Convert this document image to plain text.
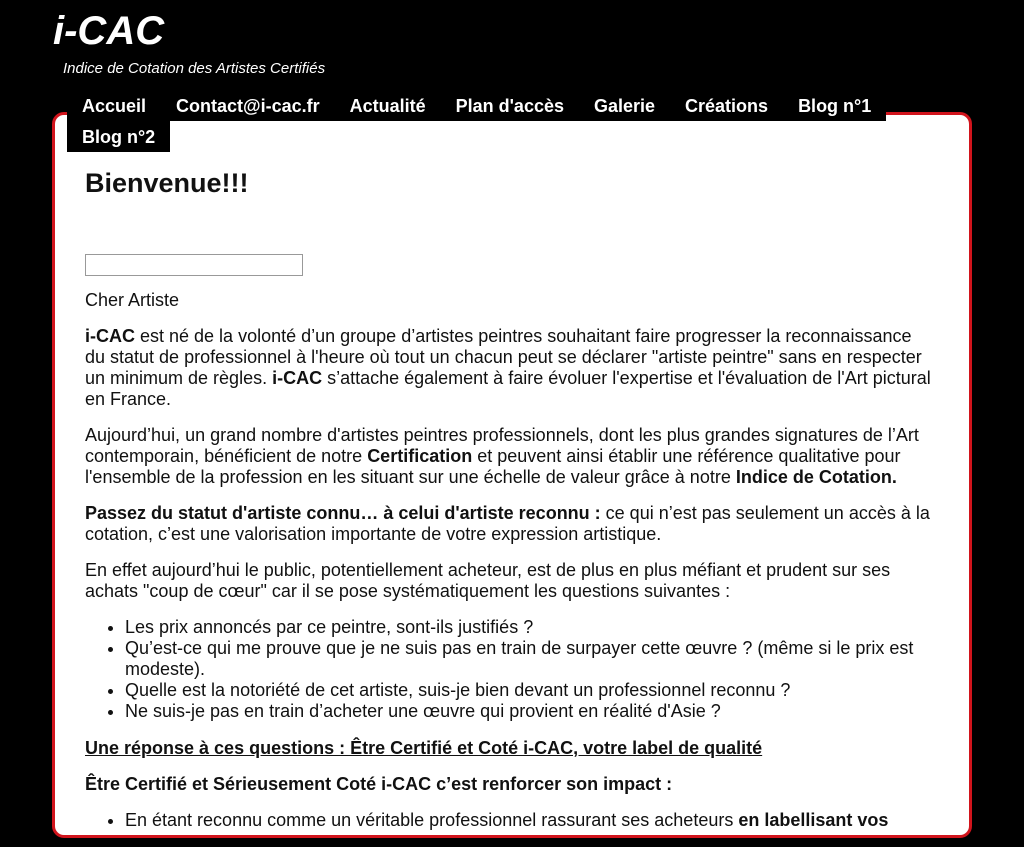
i-CAC

Indice de Cotation des Artistes Certifiés

Accueil	Contact@i-cac.fr	Actualité	Plan d'accès	Galerie	Créations	Blog n°1
Blog n°2
Bienvenue!!!

Cher Artiste

i-CAC est né de la volonté d’un groupe d’artistes peintres souhaitant faire progresser la reconnaissance du statut de professionnel à l'heure où tout un chacun peut se déclarer "artiste peintre" sans en respecter un minimum de règles. i-CAC s’attache également à faire évoluer l'expertise et l'évaluation de l'Art pictural en France.

Aujourd’hui, un grand nombre d'artistes peintres professionnels, dont les plus grandes signatures de l’Art contemporain, bénéficient de notre Certification et peuvent ainsi établir une référence qualitative pour l'ensemble de la profession en les situant sur une échelle de valeur grâce à notre Indice de Cotation.

Passez du statut d'artiste connu… à celui d'artiste reconnu : ce qui n’est pas seulement un accès à la cotation, c’est une valorisation importante de votre expression artistique.

En effet aujourd’hui le public, potentiellement acheteur, est de plus en plus méfiant et prudent sur ses achats "coup de cœur" car il se pose systématiquement les questions suivantes :

• Les prix annoncés par ce peintre, sont-ils justifiés ?
• Qu’est-ce qui me prouve que je ne suis pas en train de surpayer cette œuvre ? (même si le prix est modeste).
• Quelle est la notoriété de cet artiste, suis-je bien devant un professionnel reconnu ?
• Ne suis-je pas en train d’acheter une œuvre qui provient en réalité d'Asie ?

Une réponse à ces questions : Être Certifié et Coté i-CAC, votre label de qualité

Être Certifié et Sérieusement Coté i-CAC c’est renforcer son impact :

• En étant reconnu comme un véritable professionnel rassurant ses acheteurs en labellisant vos
